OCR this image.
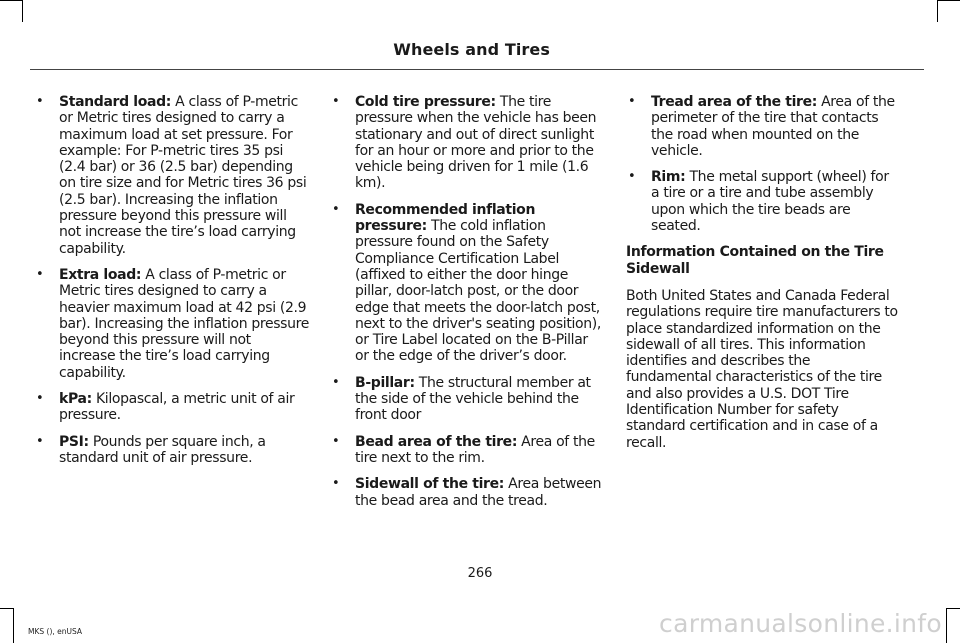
Wheels and Tires
• Standard load: A class of P-metric or Metric tires designed to carry a maximum load at set pressure. For example: For P-metric tires 35 psi (2.4 bar) or 36 (2.5 bar) depending on tire size and for Metric tires 36 psi (2.5 bar). Increasing the inflation pressure beyond this pressure will not increase the tire’s load carrying capability.
• Extra load: A class of P-metric or Metric tires designed to carry a heavier maximum load at 42 psi (2.9 bar). Increasing the inflation pressure beyond this pressure will not increase the tire’s load carrying capability.
• kPa: Kilopascal, a metric unit of air pressure.
• PSI: Pounds per square inch, a standard unit of air pressure.
• Cold tire pressure: The tire pressure when the vehicle has been stationary and out of direct sunlight for an hour or more and prior to the vehicle being driven for 1 mile (1.6 km).
• Recommended inflation pressure: The cold inflation pressure found on the Safety Compliance Certification Label (affixed to either the door hinge pillar, door-latch post, or the door edge that meets the door-latch post, next to the driver's seating position), or Tire Label located on the B-Pillar or the edge of the driver’s door.
• B-pillar: The structural member at the side of the vehicle behind the front door
• Bead area of the tire: Area of the tire next to the rim.
• Sidewall of the tire: Area between the bead area and the tread.
• Tread area of the tire: Area of the perimeter of the tire that contacts the road when mounted on the vehicle.
• Rim: The metal support (wheel) for a tire or a tire and tube assembly upon which the tire beads are seated.
Information Contained on the Tire Sidewall
Both United States and Canada Federal regulations require tire manufacturers to place standardized information on the sidewall of all tires. This information identifies and describes the fundamental characteristics of the tire and also provides a U.S. DOT Tire Identification Number for safety standard certification and in case of a recall.
266
MKS (), enUSA	carmanualsonline.info
